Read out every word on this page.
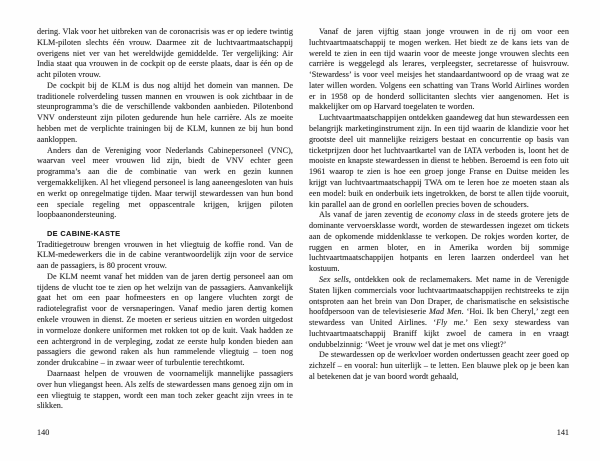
dering. Vlak voor het uitbreken van de coronacrisis was er op iedere twintig KLM-piloten slechts één vrouw. Daarmee zit de luchtvaartmaatschappij overigens niet ver van het wereldwijde gemiddelde. Ter vergelijking: Air India staat qua vrouwen in de cockpit op de eerste plaats, daar is één op de acht piloten vrouw.

De cockpit bij de KLM is dus nog altijd het domein van mannen. De traditionele rolverdeling tussen mannen en vrouwen is ook zichtbaar in de steunprogramma’s die de verschillende vakbonden aanbieden. Pilotenbond VNV ondersteunt zijn piloten gedurende hun hele carrière. Als ze moeite hebben met de verplichte trainingen bij de KLM, kunnen ze bij hun bond aankloppen.

Anders dan de Vereniging voor Nederlands Cabinepersoneel (VNC), waarvan veel meer vrouwen lid zijn, biedt de VNV echter geen programma’s aan die de combinatie van werk en gezin kunnen vergemakkelijken. Al het vliegend personeel is lang aaneengesloten van huis en werkt op onregelmatige tijden. Maar terwijl stewardessen van hun bond een speciale regeling met oppascentrale krijgen, krijgen piloten loopbaanondersteuning.

DE CABINE-KASTE

Traditiegetrouw brengen vrouwen in het vliegtuig de koffie rond. Van de KLM-medewerkers die in de cabine verantwoordelijk zijn voor de service aan de passagiers, is 80 procent vrouw.

De KLM neemt vanaf het midden van de jaren dertig personeel aan om tijdens de vlucht toe te zien op het welzijn van de passagiers. Aanvankelijk gaat het om een paar hofmeesters en op langere vluchten zorgt de radiotelegrafist voor de versnaperingen. Vanaf medio jaren dertig komen enkele vrouwen in dienst. Ze moeten er serieus uitzien en worden uitgedost in vormeloze donkere uniformen met rokken tot op de kuit. Vaak hadden ze een achtergrond in de verpleging, zodat ze eerste hulp konden bieden aan passagiers die gewond raken als hun rammelende vliegtuig – toen nog zonder drukcabine – in zwaar weer of turbulentie terechtkomt.

Daarnaast helpen de vrouwen de voornamelijk mannelijke passagiers over hun vliegangst heen. Als zelfs de stewardessen mans genoeg zijn om in een vliegtuig te stappen, wordt een man toch zeker geacht zijn vrees in te slikken.

140

Vanaf de jaren vijftig staan jonge vrouwen in de rij om voor een luchtvaartmaatschappij te mogen werken. Het biedt ze de kans iets van de wereld te zien in een tijd waarin voor de meeste jonge vrouwen slechts een carrière is weggelegd als lerares, verpleegster, secretaresse of huisvrouw. ‘Stewardess’ is voor veel meisjes het standaardantwoord op de vraag wat ze later willen worden. Volgens een schatting van Trans World Airlines worden er in 1958 op de honderd sollicitanten slechts vier aangenomen. Het is makkelijker om op Harvard toegelaten te worden.

Luchtvaartmaatschappijen ontdekken gaandeweg dat hun stewardessen een belangrijk marketinginstrument zijn. In een tijd waarin de klandizie voor het grootste deel uit mannelijke reizigers bestaat en concurrentie op basis van ticketprijzen door het luchtvaartkartel van de IATA verboden is, loont het de mooiste en knapste stewardessen in dienst te hebben. Beroemd is een foto uit 1961 waarop te zien is hoe een groep jonge Franse en Duitse meiden les krijgt van luchtvaartmaatschappij TWA om te leren hoe ze moeten staan als een model: buik en onderbuik iets ingetrokken, de borst te allen tijde vooruit, kin parallel aan de grond en oorlellen precies boven de schouders.

Als vanaf de jaren zeventig de economy class in de steeds grotere jets de dominante vervoersklasse wordt, worden de stewardessen ingezet om tickets aan de opkomende middenklasse te verkopen. De rokjes worden korter, de ruggen en armen bloter, en in Amerika worden bij sommige luchtvaartmaatschappijen hotpants en leren laarzen onderdeel van het kostuum.

Sex sells, ontdekken ook de reclamemakers. Met name in de Verenigde Staten lijken commercials voor luchtvaartmaatschappijen rechtstreeks te zijn ontsproten aan het brein van Don Draper, de charismatische en seksistische hoofdpersoon van de televisieserie Mad Men. ‘Hoi. Ik ben Cheryl,’ zegt een stewardess van United Airlines. ‘Fly me.’ Een sexy stewardess van luchtvaartmaatschappij Braniff kijkt zwoel de camera in en vraagt ondubbelzinnig: ‘Weet je vrouw wel dat je met ons vliegt?’

De stewardessen op de werkvloer worden ondertussen geacht zeer goed op zichzelf – en vooral: hun uiterlijk – te letten. Een blauwe plek op je been kan al betekenen dat je van boord wordt gehaald,

141
